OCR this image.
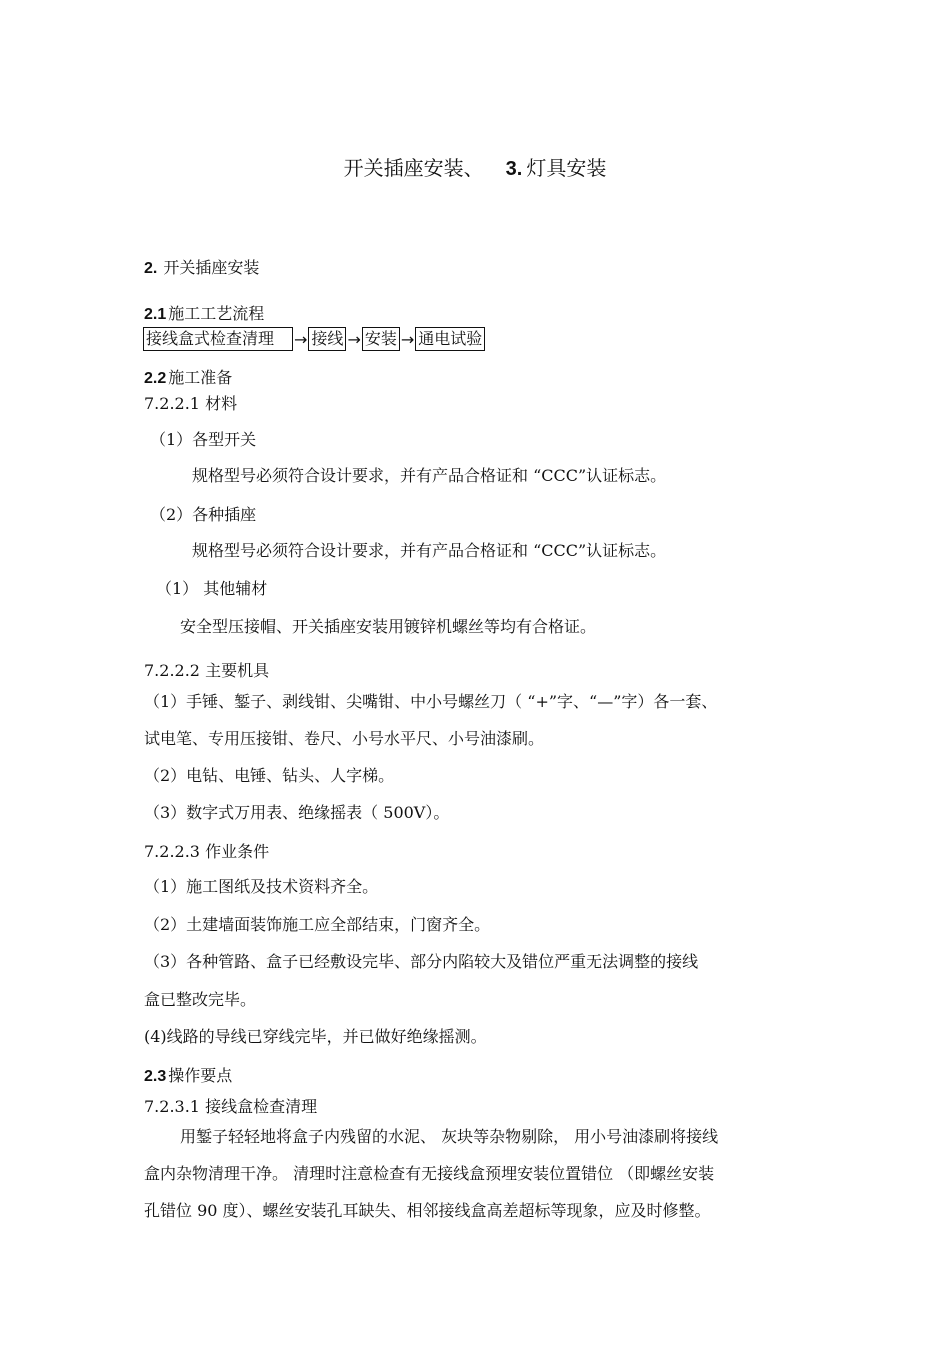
开关插座安装、 3. 灯具安装
2. 开关插座安装
2.1 施工工艺流程
接线盒式检查清理	→ 接线 → 安装 → 通电试验
2.2 施工准备
7.2.2.1 材料
（1）各型开关
规格型号必须符合设计要求，并有产品合格证和 “CCC”认证标志。
（2）各种插座
规格型号必须符合设计要求，并有产品合格证和 “CCC”认证标志。
（1） 其他辅材
安全型压接帽、开关插座安装用镀锌机螺丝等均有合格证。
7.2.2.2 主要机具
（1）手锤、錾子、剥线钳、尖嘴钳、中小号螺丝刀（ “+”字、“—”字）各一套、
试电笔、专用压接钳、卷尺、小号水平尺、小号油漆刷。
（2）电钻、电锤、钻头、人字梯。
（3）数字式万用表、绝缘摇表（ 500V）。
7.2.2.3 作业条件
（1）施工图纸及技术资料齐全。
（2）土建墙面装饰施工应全部结束，门窗齐全。
（3）各种管路、盒子已经敷设完毕、部分内陷较大及错位严重无法调整的接线
盒已整改完毕。
(4)线路的导线已穿线完毕，并已做好绝缘摇测。
2.3 操作要点
7.2.3.1 接线盒检查清理
用錾子轻轻地将盒子内残留的水泥、 灰块等杂物剔除， 用小号油漆刷将接线
盒内杂物清理干净。 清理时注意检查有无接线盒预埋安装位置错位 （即螺丝安装
孔错位 90 度）、螺丝安装孔耳缺失、相邻接线盒高差超标等现象，应及时修整。
